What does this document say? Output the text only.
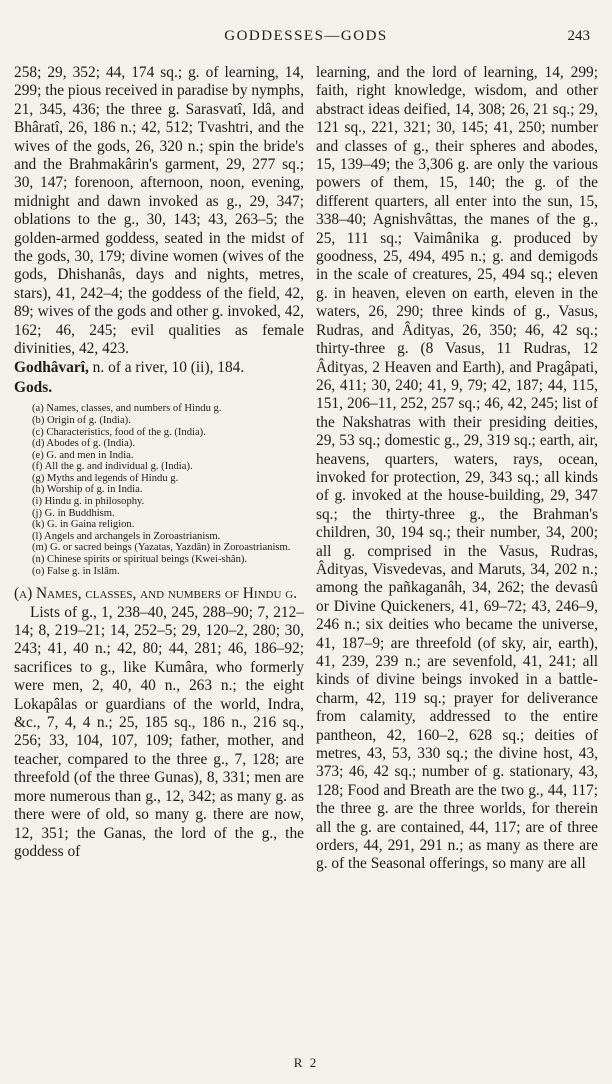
GODDESSES—GODS	243

258; 29, 352; 44, 174 sq.; g. of learning, 14, 299; the pious received in paradise by nymphs, 21, 345, 436; the three g. Sarasvatî, Idâ, and Bhâratî, 26, 186 n.; 42, 512; Tvashtri, and the wives of the gods, 26, 320 n.; spin the bride's and the Brahmakârin's garment, 29, 277 sq.; 30, 147; forenoon, afternoon, noon, evening, midnight and dawn invoked as g., 29, 347; oblations to the g., 30, 143; 43, 263–5; the golden-armed goddess, seated in the midst of the gods, 30, 179; divine women (wives of the gods, Dhishanâs, days and nights, metres, stars), 41, 242–4; the goddess of the field, 42, 89; wives of the gods and other g. invoked, 42, 162; 46, 245; evil qualities as female divinities, 42, 423.

Godhâvarî, n. of a river, 10 (ii), 184.

Gods.

(a) Names, classes, and numbers of Hindu g.
(b) Origin of g. (India).
(c) Characteristics, food of the g. (India).
(d) Abodes of g. (India).
(e) G. and men in India.
(f) All the g. and individual g. (India).
(g) Myths and legends of Hindu g.
(h) Worship of g. in India.
(i) Hindu g. in philosophy.
(j) G. in Buddhism.
(k) G. in Gaina religion.
(l) Angels and archangels in Zoroastrianism.
(m) G. or sacred beings (Yazatas, Yazdân) in Zoroastrianism.
(n) Chinese spirits or spiritual beings (Kwei-shân).
(o) False g. in Islâm.

(a) Names, classes, and numbers of Hindu g.

Lists of g., 1, 238–40, 245, 288–90; 7, 212–14; 8, 219–21; 14, 252–5; 29, 120–2, 280; 30, 243; 41, 40 n.; 42, 80; 44, 281; 46, 186–92; sacrifices to g., like Kumâra, who formerly were men, 2, 40, 40 n., 263 n.; the eight Lokapâlas or guardians of the world, Indra, &c., 7, 4, 4 n.; 25, 185 sq., 186 n., 216 sq., 256; 33, 104, 107, 109; father, mother, and teacher, compared to the three g., 7, 128; are threefold (of the three Gunas), 8, 331; men are more numerous than g., 12, 342; as many g. as there were of old, so many g. there are now, 12, 351; the Ganas, the lord of the g., the goddess of

learning, and the lord of learning, 14, 299; faith, right knowledge, wisdom, and other abstract ideas deified, 14, 308; 26, 21 sq.; 29, 121 sq., 221, 321; 30, 145; 41, 250; number and classes of g., their spheres and abodes, 15, 139–49; the 3,306 g. are only the various powers of them, 15, 140; the g. of the different quarters, all enter into the sun, 15, 338–40; Agnishvâttas, the manes of the g., 25, 111 sq.; Vaimânika g. produced by goodness, 25, 494, 495 n.; g. and demigods in the scale of creatures, 25, 494 sq.; eleven g. in heaven, eleven on earth, eleven in the waters, 26, 290; three kinds of g., Vasus, Rudras, and Âdityas, 26, 350; 46, 42 sq.; thirty-three g. (8 Vasus, 11 Rudras, 12 Âdityas, 2 Heaven and Earth), and Pragâpati, 26, 411; 30, 240; 41, 9, 79; 42, 187; 44, 115, 151, 206–11, 252, 257 sq.; 46, 42, 245; list of the Nakshatras with their presiding deities, 29, 53 sq.; domestic g., 29, 319 sq.; earth, air, heavens, quarters, waters, rays, ocean, invoked for protection, 29, 343 sq.; all kinds of g. invoked at the house-building, 29, 347 sq.; the thirty-three g., the Brahman's children, 30, 194 sq.; their number, 34, 200; all g. comprised in the Vasus, Rudras, Âdityas, Visvedevas, and Maruts, 34, 202 n.; among the pañkaganâh, 34, 262; the devasû or Divine Quickeners, 41, 69–72; 43, 246–9, 246 n.; six deities who became the universe, 41, 187–9; are threefold (of sky, air, earth), 41, 239, 239 n.; are sevenfold, 41, 241; all kinds of divine beings invoked in a battle-charm, 42, 119 sq.; prayer for deliverance from calamity, addressed to the entire pantheon, 42, 160–2, 628 sq.; deities of metres, 43, 53, 330 sq.; the divine host, 43, 373; 46, 42 sq.; number of g. stationary, 43, 128; Food and Breath are the two g., 44, 117; the three g. are the three worlds, for therein all the g. are contained, 44, 117; are of three orders, 44, 291, 291 n.; as many as there are g. of the Seasonal offerings, so many are all

R 2
